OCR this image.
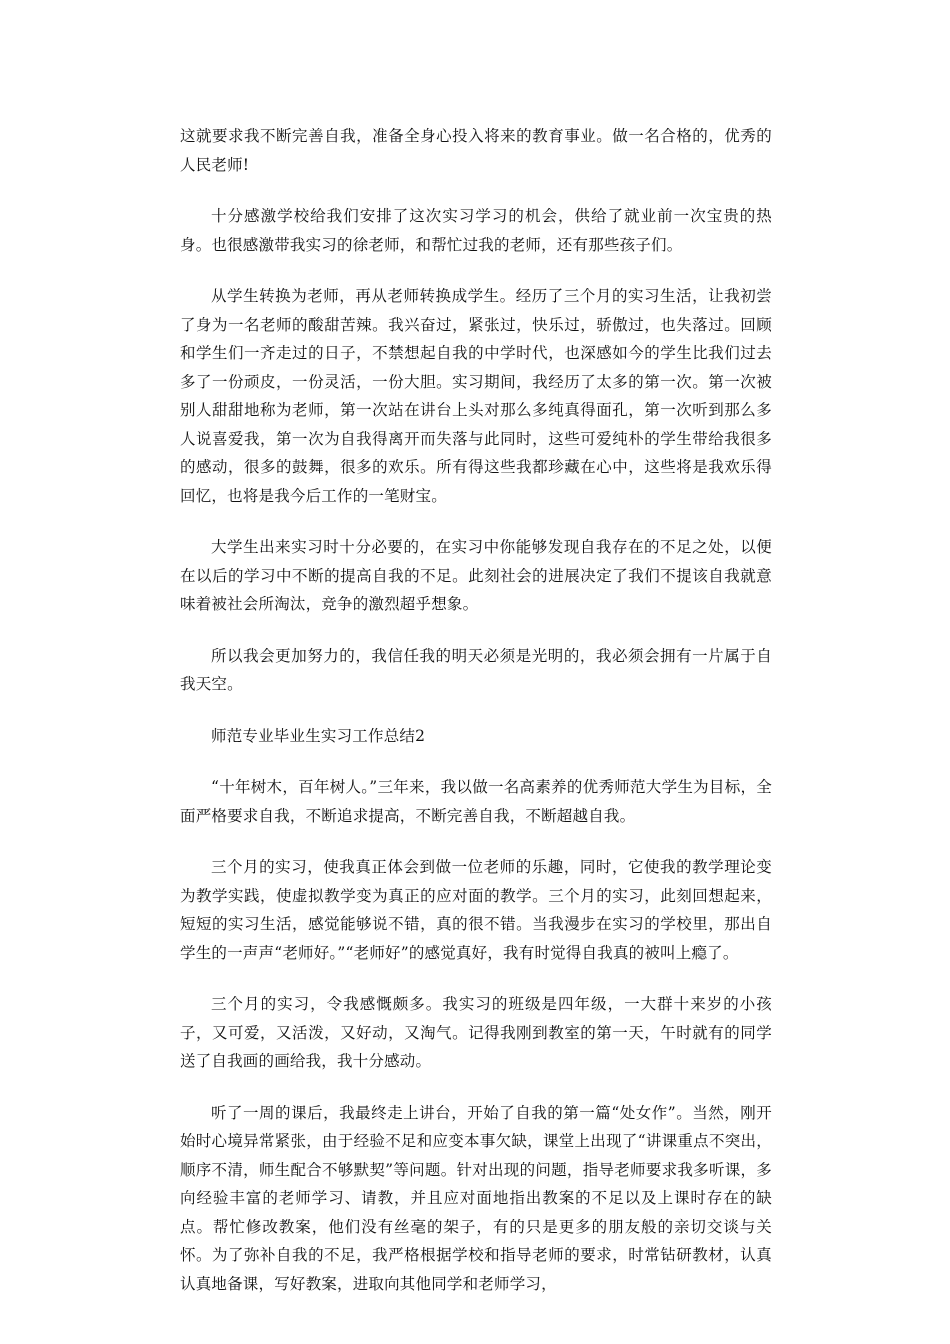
这就要求我不断完善自我，准备全身心投入将来的教育事业。做一名合格的，优秀的人民老师!

十分感激学校给我们安排了这次实习学习的机会，供给了就业前一次宝贵的热身。也很感激带我实习的徐老师，和帮忙过我的老师，还有那些孩子们。

从学生转换为老师，再从老师转换成学生。经历了三个月的实习生活，让我初尝了身为一名老师的酸甜苦辣。我兴奋过，紧张过，快乐过，骄傲过，也失落过。回顾和学生们一齐走过的日子，不禁想起自我的中学时代，也深感如今的学生比我们过去多了一份顽皮，一份灵活，一份大胆。实习期间，我经历了太多的第一次。第一次被别人甜甜地称为老师，第一次站在讲台上头对那么多纯真得面孔，第一次听到那么多人说喜爱我，第一次为自我得离开而失落与此同时，这些可爱纯朴的学生带给我很多的感动，很多的鼓舞，很多的欢乐。所有得这些我都珍藏在心中，这些将是我欢乐得回忆，也将是我今后工作的一笔财宝。

大学生出来实习时十分必要的，在实习中你能够发现自我存在的不足之处，以便在以后的学习中不断的提高自我的不足。此刻社会的进展决定了我们不提该自我就意味着被社会所淘汰，竞争的激烈超乎想象。

所以我会更加努力的，我信任我的明天必须是光明的，我必须会拥有一片属于自我天空。

师范专业毕业生实习工作总结2

“十年树木，百年树人。”三年来，我以做一名高素养的优秀师范大学生为目标，全面严格要求自我，不断追求提高，不断完善自我，不断超越自我。

三个月的实习，使我真正体会到做一位老师的乐趣，同时，它使我的教学理论变为教学实践，使虚拟教学变为真正的应对面的教学。三个月的实习，此刻回想起来，短短的实习生活，感觉能够说不错，真的很不错。当我漫步在实习的学校里，那出自学生的一声声“老师好。”“老师好”的感觉真好，我有时觉得自我真的被叫上瘾了。

三个月的实习，令我感慨颇多。我实习的班级是四年级，一大群十来岁的小孩子，又可爱，又活泼，又好动，又淘气。记得我刚到教室的第一天，午时就有的同学送了自我画的画给我，我十分感动。

听了一周的课后，我最终走上讲台，开始了自我的第一篇“处女作”。当然，刚开始时心境异常紧张，由于经验不足和应变本事欠缺，课堂上出现了“讲课重点不突出，顺序不清，师生配合不够默契”等问题。针对出现的问题，指导老师要求我多听课，多向经验丰富的老师学习、请教，并且应对面地指出教案的不足以及上课时存在的缺点。帮忙修改教案，他们没有丝毫的架子，有的只是更多的朋友般的亲切交谈与关怀。为了弥补自我的不足，我严格根据学校和指导老师的要求，时常钻研教材，认真认真地备课，写好教案，进取向其他同学和老师学习，
